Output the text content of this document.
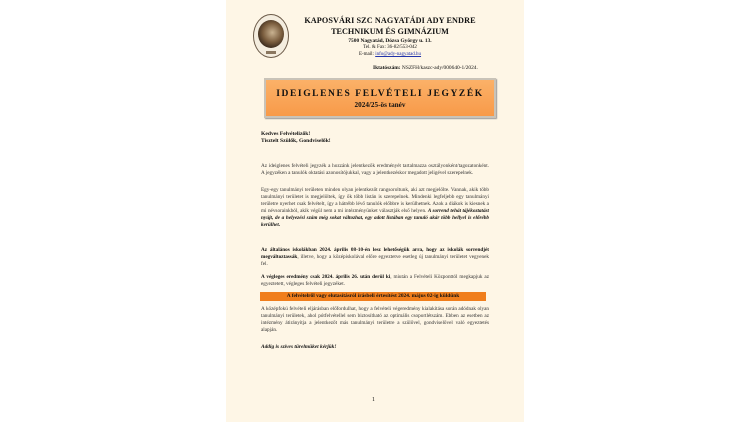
KAPOSVÁRI SZC NAGYATÁDI ADY ENDRE
TECHNIKUM ÉS GIMNÁZIUM
7500 Nagyatád, Dózsa György u. 13.
Tel. & Fax: 36-82/553-042
E-mail: info@ady-nagyatad.hu
Iktatószám: NSZFH/kaszc-ady/000640-1/2024.
IDEIGLENES FELVÉTELI JEGYZÉK
2024/25-ös tanév
Kedves Felvételizők!
Tisztelt Szülők, Gondviselők!
Az ideiglenes felvételi jegyzék a hozzánk jelentkezők eredményét tartalmazza osztályonként/tagozatonként. A jegyzéken a tanulók oktatási azonosítójukkal, vagy a jelentkezéskor megadott jeligével szerepelnek.
Egy-egy tanulmányi területen minden olyan jelentkezőt rangsoroltunk, aki azt megjelölte. Vannak, akik több tanulmányi területet is megjelöltek, így ők több listán is szerepelnek. Mindenki legfeljebb egy tanulmányi területre nyerhet csak felvételt, így a hátrébb lévő tanulók előbbre is kerülhetnek. Azok a diákok is kiesnek a mi névsorainkból, akik végül nem a mi intézményünket választják első helyen. A sorrend tehát tájékoztatást nyújt, de a helyezési szám még sokat változhat, egy adott listában egy tanuló akár több hellyel is előrébb kerülhet.
Az általános iskolákban 2024. április 08-10-én lesz lehetőségük arra, hogy az iskolák sorrendjét megváltoztassák, illetve, hogy a középiskolával előre egyeztetve esetleg új tanulmányi területet vegyenek fel.
A végleges eredmény csak 2024. április 26. után derül ki, miután a Felvételi Központtól megkapjuk az egyeztetett, végleges felvételi jegyzéket.
A felvételről vagy elutasításról írásbeli értesítést 2024. május 02-ig küldünk
A középfokú felvételi eljárásban előfordulhat, hogy a felvételi végeredmény kialakítása során adódnak olyan tanulmányi területek, ahol pótfelvétellel sem biztosítható az optimális csoportlétszám. Ebben az esetben az intézmény átirányítja a jelentkezőt más tanulmányi területre a szülővel, gondviselővel való egyeztetés alapján.
Addig is szíves türelmüket kérjük!
1
